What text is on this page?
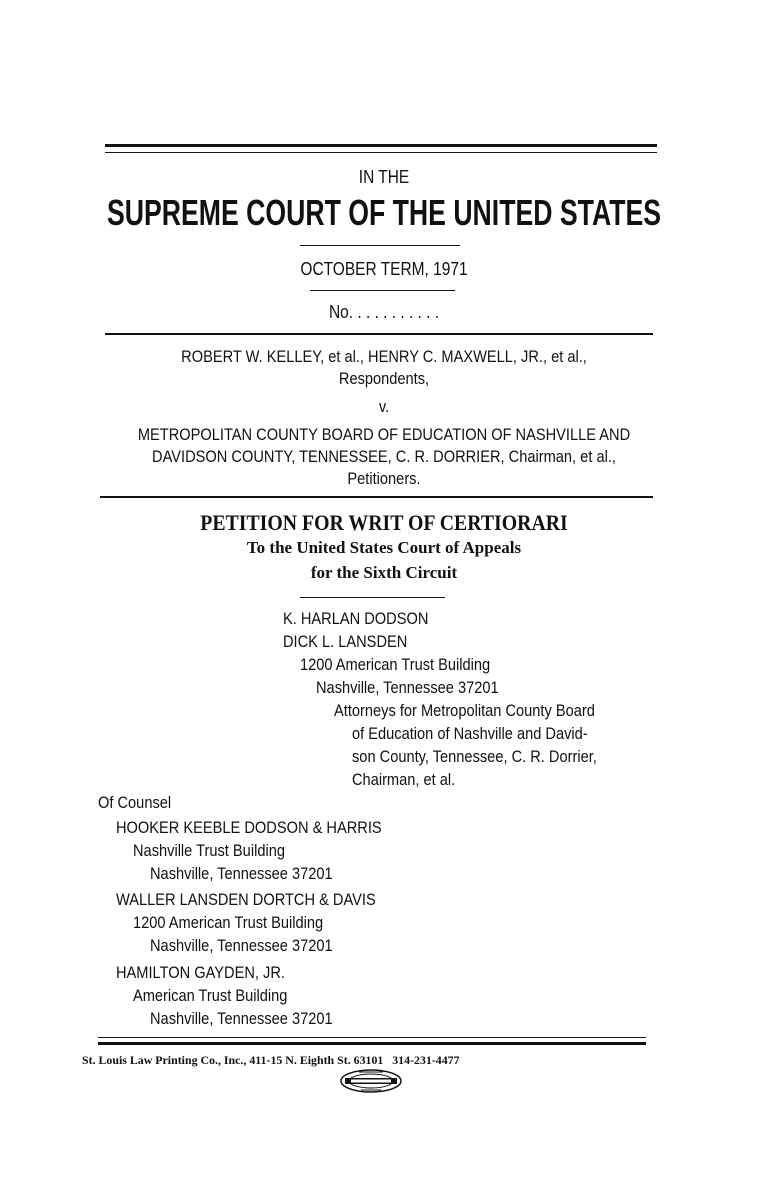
IN THE
SUPREME COURT OF THE UNITED STATES
OCTOBER TERM, 1971
No. . . . . . . . . . .
ROBERT W. KELLEY, et al., HENRY C. MAXWELL, JR., et al.,
Respondents,
v.
METROPOLITAN COUNTY BOARD OF EDUCATION OF NASHVILLE AND
DAVIDSON COUNTY, TENNESSEE, C. R. DORRIER, Chairman, et al.,
Petitioners.
PETITION FOR WRIT OF CERTIORARI
To the United States Court of Appeals
for the Sixth Circuit
K. HARLAN DODSON
DICK L. LANSDEN
1200 American Trust Building
Nashville, Tennessee 37201
Attorneys for Metropolitan County Board
of Education of Nashville and David-
son County, Tennessee, C. R. Dorrier,
Chairman, et al.
Of Counsel
HOOKER KEEBLE DODSON & HARRIS
Nashville Trust Building
Nashville, Tennessee 37201
WALLER LANSDEN DORTCH & DAVIS
1200 American Trust Building
Nashville, Tennessee 37201
HAMILTON GAYDEN, JR.
American Trust Building
Nashville, Tennessee 37201
St. Louis Law Printing Co., Inc., 411-15 N. Eighth St. 63101   314-231-4477
